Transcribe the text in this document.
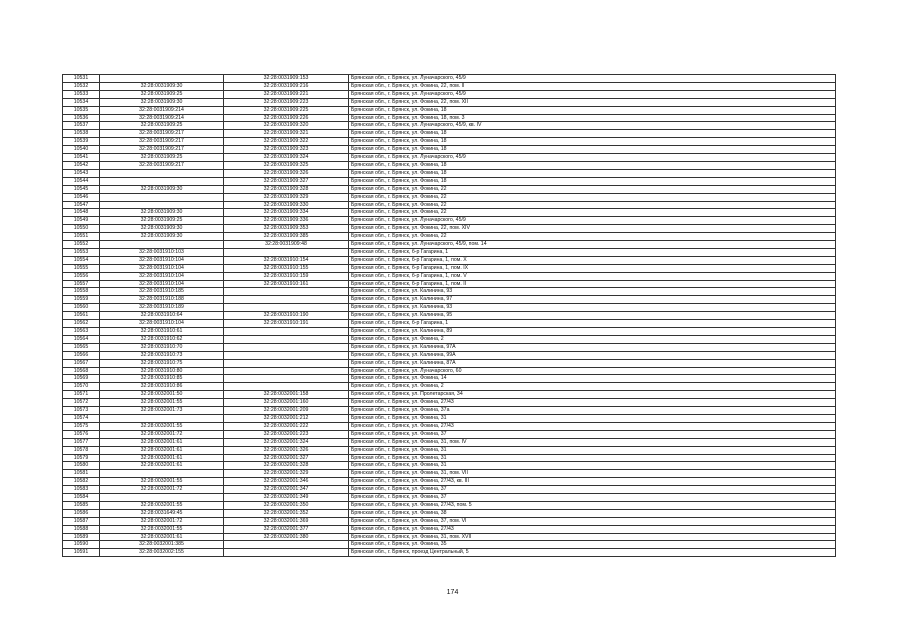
10531		32:28:0031909:153	Брянская обл., г. Брянск, ул. Луначарского, 45/9
10532	32:28:0031909:30	32:28:0031909:216	Брянская обл., г. Брянск, ул. Фокина, 22, пом. II
10533	32:28:0031909:25	32:28:0031909:221	Брянская обл., г. Брянск, ул. Луначарского, 45/9
10534	32:28:0031909:30	32:28:0031909:223	Брянская обл., г. Брянск, ул. Фокина, 22, пом. XII
10535	32:28:0031909:214	32:28:0031909:225	Брянская обл., г. Брянск, ул. Фокина, 18
10536	32:28:0031909:214	32:28:0031909:226	Брянская обл., г. Брянск, ул. Фокина, 18, пом. 3
10537	32:28:0031909:25	32:28:0031909:320	Брянская обл., г. Брянск, ул. Луначарского, 45/9, кв. IV
10538	32:28:0031909:217	32:28:0031909:321	Брянская обл., г. Брянск, ул. Фокина, 18
10539	32:28:0031909:217	32:28:0031909:322	Брянская обл., г. Брянск, ул. Фокина, 18
10540	32:28:0031909:217	32:28:0031909:323	Брянская обл., г. Брянск, ул. Фокина, 18
10541	32:28:0031909:25	32:28:0031909:324	Брянская обл., г. Брянск, ул. Луначарского, 45/9
10542	32:28:0031909:217	32:28:0031909:325	Брянская обл., г. Брянск, ул. Фокина, 18
10543		32:28:0031909:326	Брянская обл., г. Брянск, ул. Фокина, 18
10544		32:28:0031909:327	Брянская обл., г. Брянск, ул. Фокина, 18
10545	32:28:0031909:30	32:28:0031909:328	Брянская обл., г. Брянск, ул. Фокина, 22
10546		32:28:0031909:329	Брянская обл., г. Брянск, ул. Фокина, 22
10547		32:28:0031909:330	Брянская обл., г. Брянск, ул. Фокина, 22
10548	32:28:0031909:30	32:28:0031909:334	Брянская обл., г. Брянск, ул. Фокина, 22
10549	32:28:0031909:25	32:28:0031909:336	Брянская обл., г. Брянск, ул. Луначарского, 45/9
10550	32:28:0031909:30	32:28:0031909:353	Брянская обл., г. Брянск, ул. Фокина, 22, пом. XIV
10551	32:28:0031909:30	32:28:0031909:385	Брянская обл., г. Брянск, ул. Фокина, 22
10552		32:28:0031909:48	Брянская обл., г. Брянск, ул. Луначарского, 45/9, пом. 14
10553	32:28:0031910:103		Брянская обл., г. Брянск, б-р Гагарина, 1
10554	32:28:0031910:104	32:28:0031910:154	Брянская обл., г. Брянск, б-р Гагарина, 1, пом. X
10555	32:28:0031910:104	32:28:0031910:155	Брянская обл., г. Брянск, б-р Гагарина, 1, пом. IX
10556	32:28:0031910:104	32:28:0031910:159	Брянская обл., г. Брянск, б-р Гагарина, 1, пом. V
10557	32:28:0031910:104	32:28:0031910:161	Брянская обл., г. Брянск, б-р Гагарина, 1, пом. II
10558	32:28:0031910:185		Брянская обл., г. Брянск, ул. Калинина, 93
10559	32:28:0031910:188		Брянская обл., г. Брянск, ул. Калинина, 97
10560	32:28:0031910:189		Брянская обл., г. Брянск, ул. Калинина, 93
10561	32:28:0031910:64	32:28:0031910:190	Брянская обл., г. Брянск, ул. Калинина, 95
10562	32:28:0031910:104	32:28:0031910:191	Брянская обл., г. Брянск, б-р Гагарина, 1
10563	32:28:0031910:61		Брянская обл., г. Брянск, ул. Калинина, 89
10564	32:28:0031910:62		Брянская обл., г. Брянск, ул. Фокина, 2
10565	32:28:0031910:70		Брянская обл., г. Брянск, ул. Калинина, 97А
10566	32:28:0031910:73		Брянская обл., г. Брянск, ул. Калинина, 99А
10567	32:28:0031910:75		Брянская обл., г. Брянск, ул. Калинина, 87А
10568	32:28:0031910:80		Брянская обл., г. Брянск, ул. Луначарского, 60
10569	32:28:0031910:85		Брянская обл., г. Брянск, ул. Фокина, 14
10570	32:28:0031910:86		Брянская обл., г. Брянск, ул. Фокина, 2
10571	32:28:0032001:50	32:28:0032001:158	Брянская обл., г. Брянск, ул. Пролетарская, 34
10572	32:28:0032001:55	32:28:0032001:160	Брянская обл., г. Брянск, ул. Фокина, 27/43
10573	32:28:0032001:73	32:28:0032001:209	Брянская обл., г. Брянск, ул. Фокина, 37а
10574		32:28:0032001:212	Брянская обл., г. Брянск, ул. Фокина, 31
10575	32:28:0032001:55	32:28:0032001:222	Брянская обл., г. Брянск, ул. Фокина, 27/43
10576	32:28:0032001:72	32:28:0032001:223	Брянская обл., г. Брянск, ул. Фокина, 37
10577	32:28:0032001:61	32:28:0032001:324	Брянская обл., г. Брянск, ул. Фокина, 31, пом. IV
10578	32:28:0032001:61	32:28:0032001:326	Брянская обл., г. Брянск, ул. Фокина, 31
10579	32:28:0032001:61	32:28:0032001:327	Брянская обл., г. Брянск, ул. Фокина, 31
10580	32:28:0032001:61	32:28:0032001:328	Брянская обл., г. Брянск, ул. Фокина, 31
10581		32:28:0032001:329	Брянская обл., г. Брянск, ул. Фокина, 31, пом. VII
10582	32:28:0032001:55	32:28:0032001:346	Брянская обл., г. Брянск, ул. Фокина, 27/43, кв. III
10583	32:28:0032001:72	32:28:0032001:347	Брянская обл., г. Брянск, ул. Фокина, 37
10584		32:28:0032001:349	Брянская обл., г. Брянск, ул. Фокина, 37
10585	32:28:0032001:55	32:28:0032001:350	Брянская обл., г. Брянск, ул. Фокина, 27/43, пом. 5
10586	32:28:0031649:45	32:28:0032001:352	Брянская обл., г. Брянск, ул. Фокина, 38
10587	32:28:0032001:72	32:28:0032001:369	Брянская обл., г. Брянск, ул. Фокина, 37, пом. VI
10588	32:28:0032001:55	32:28:0032001:377	Брянская обл., г. Брянск, ул. Фокина, 27/43
10589	32:28:0032001:61	32:28:0032001:380	Брянская обл., г. Брянск, ул. Фокина, 31, пом. XVII
10590	32:28:0032001:385		Брянская обл., г. Брянск, ул. Фокина, 35
10591	32:28:0032002:155		Брянская обл., г. Брянск, проезд Центральный, 5
174
